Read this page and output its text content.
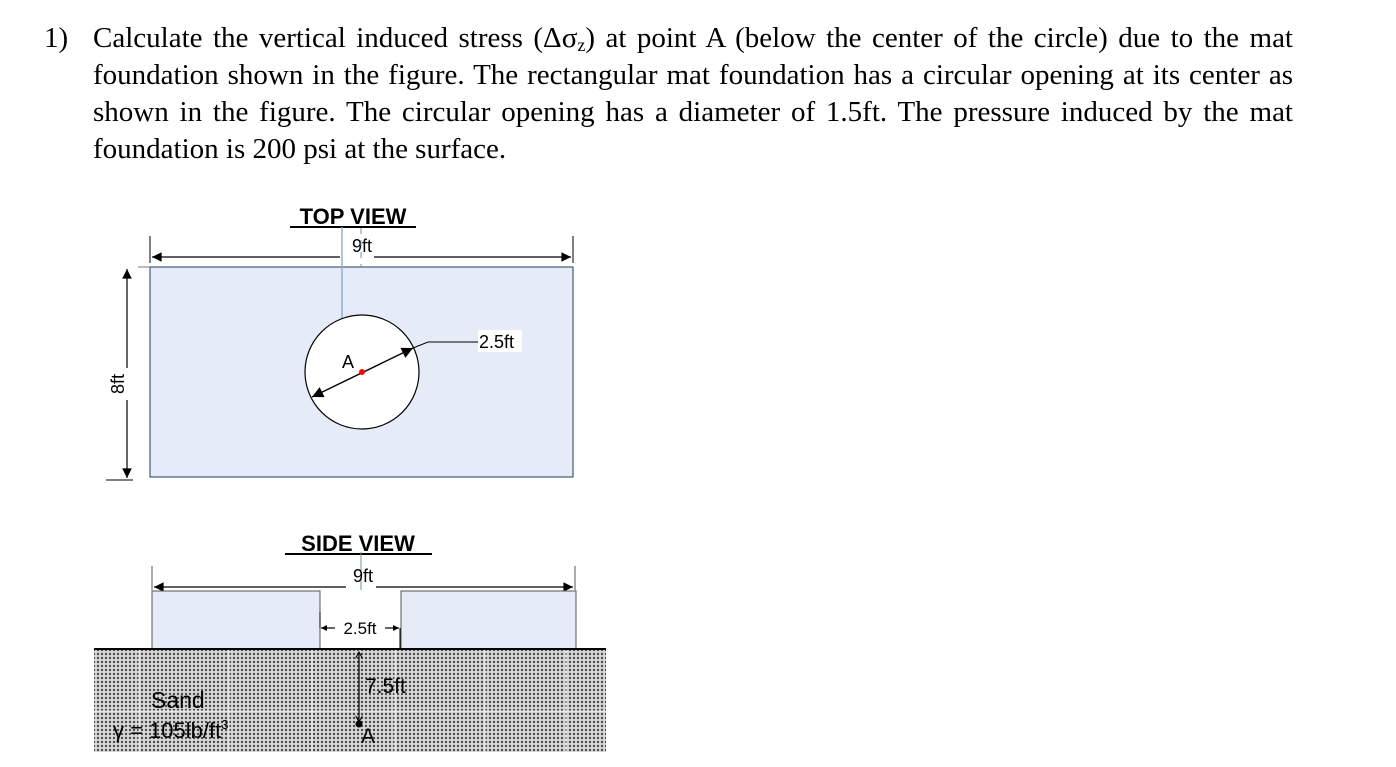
1) Calculate the vertical induced stress $(\Delta\sigma_z)$ at point A (below the center of the circle) due to the mat foundation shown in the figure. The rectangular mat foundation has a circular opening at its center as shown in the figure. The circular opening has a diameter of 1.5ft. The pressure induced by the mat foundation is 200 psi at the surface.
TOP VIEW
9ft
8ft
2.5ft
A
SIDE VIEW
9ft
2.5ft
7.5ft
A
Sand
$\gamma = 105lb/ft^3$
